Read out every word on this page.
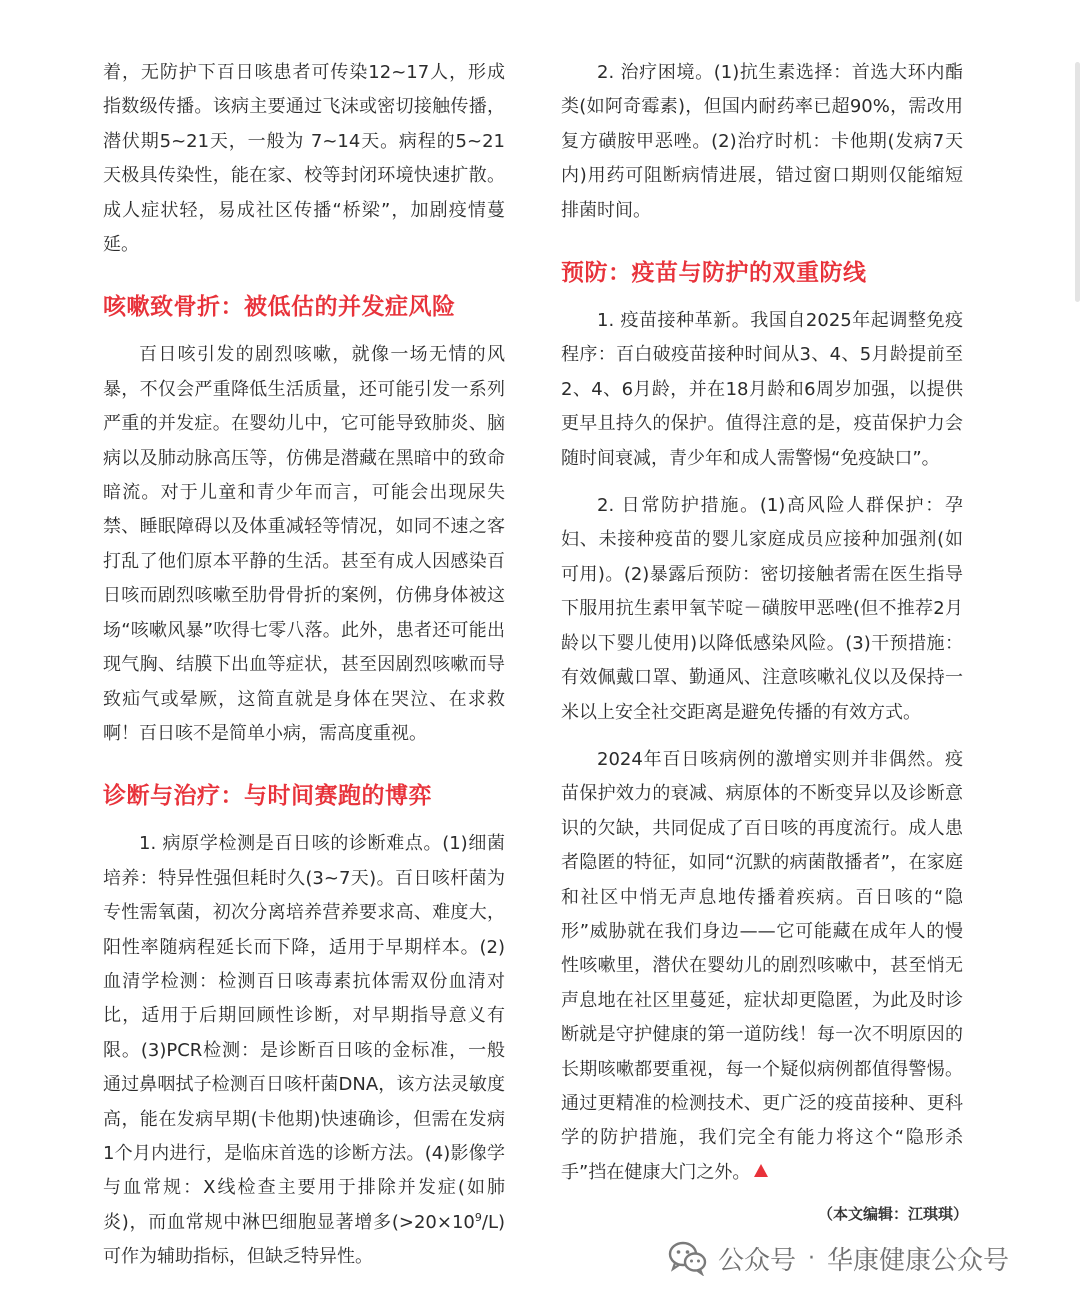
着，无防护下百日咳患者可传染12~17人，形成指数级传播。该病主要通过飞沫或密切接触传播，潜伏期5~21天，一般为 7~14天。病程的5~21天极具传染性，能在家、校等封闭环境快速扩散。成人症状轻，易成社区传播“桥梁”，加剧疫情蔓延。

咳嗽致骨折：被低估的并发症风险

百日咳引发的剧烈咳嗽，就像一场无情的风暴，不仅会严重降低生活质量，还可能引发一系列严重的并发症。在婴幼儿中，它可能导致肺炎、脑病以及肺动脉高压等，仿佛是潜藏在黑暗中的致命暗流。对于儿童和青少年而言，可能会出现尿失禁、睡眠障碍以及体重减轻等情况，如同不速之客打乱了他们原本平静的生活。甚至有成人因感染百日咳而剧烈咳嗽至肋骨骨折的案例，仿佛身体被这场“咳嗽风暴”吹得七零八落。此外，患者还可能出现气胸、结膜下出血等症状，甚至因剧烈咳嗽而导致疝气或晕厥，这简直就是身体在哭泣、在求救啊！百日咳不是简单小病，需高度重视。

诊断与治疗：与时间赛跑的博弈

1. 病原学检测是百日咳的诊断难点。(1)细菌培养：特异性强但耗时久(3~7天)。百日咳杆菌为专性需氧菌，初次分离培养营养要求高、难度大，阳性率随病程延长而下降，适用于早期样本。(2)血清学检测：检测百日咳毒素抗体需双份血清对比，适用于后期回顾性诊断，对早期指导意义有限。(3)PCR检测：是诊断百日咳的金标准，一般通过鼻咽拭子检测百日咳杆菌DNA，该方法灵敏度高，能在发病早期(卡他期)快速确诊，但需在发病1个月内进行，是临床首选的诊断方法。(4)影像学与血常规：X线检查主要用于排除并发症(如肺炎)，而血常规中淋巴细胞显著增多$(>20\times 10^9/L)$可作为辅助指标，但缺乏特异性。

2. 治疗困境。(1)抗生素选择：首选大环内酯类(如阿奇霉素)，但国内耐药率已超90%，需改用复方磺胺甲恶唑。(2)治疗时机：卡他期(发病7天内)用药可阻断病情进展，错过窗口期则仅能缩短排菌时间。

预防：疫苗与防护的双重防线

1. 疫苗接种革新。我国自2025年起调整免疫程序：百白破疫苗接种时间从3、4、5月龄提前至2、4、6月龄，并在18月龄和6周岁加强，以提供更早且持久的保护。值得注意的是，疫苗保护力会随时间衰减，青少年和成人需警惕“免疫缺口”。

2. 日常防护措施。(1)高风险人群保护：孕妇、未接种疫苗的婴儿家庭成员应接种加强剂(如可用)。(2)暴露后预防：密切接触者需在医生指导下服用抗生素甲氧苄啶－磺胺甲恶唑(但不推荐2月龄以下婴儿使用)以降低感染风险。(3)干预措施：有效佩戴口罩、勤通风、注意咳嗽礼仪以及保持一米以上安全社交距离是避免传播的有效方式。

2024年百日咳病例的激增实则并非偶然。疫苗保护效力的衰减、病原体的不断变异以及诊断意识的欠缺，共同促成了百日咳的再度流行。成人患者隐匿的特征，如同“沉默的病菌散播者”，在家庭和社区中悄无声息地传播着疾病。百日咳的“隐形”威胁就在我们身边——它可能藏在成年人的慢性咳嗽里，潜伏在婴幼儿的剧烈咳嗽中，甚至悄无声息地在社区里蔓延，症状却更隐匿，为此及时诊断就是守护健康的第一道防线！每一次不明原因的长期咳嗽都要重视，每一个疑似病例都值得警惕。通过更精准的检测技术、更广泛的疫苗接种、更科学的防护措施，我们完全有能力将这个“隐形杀手”挡在健康大门之外。

（本文编辑：江琪琪）
公众号 · 华康健康公众号
